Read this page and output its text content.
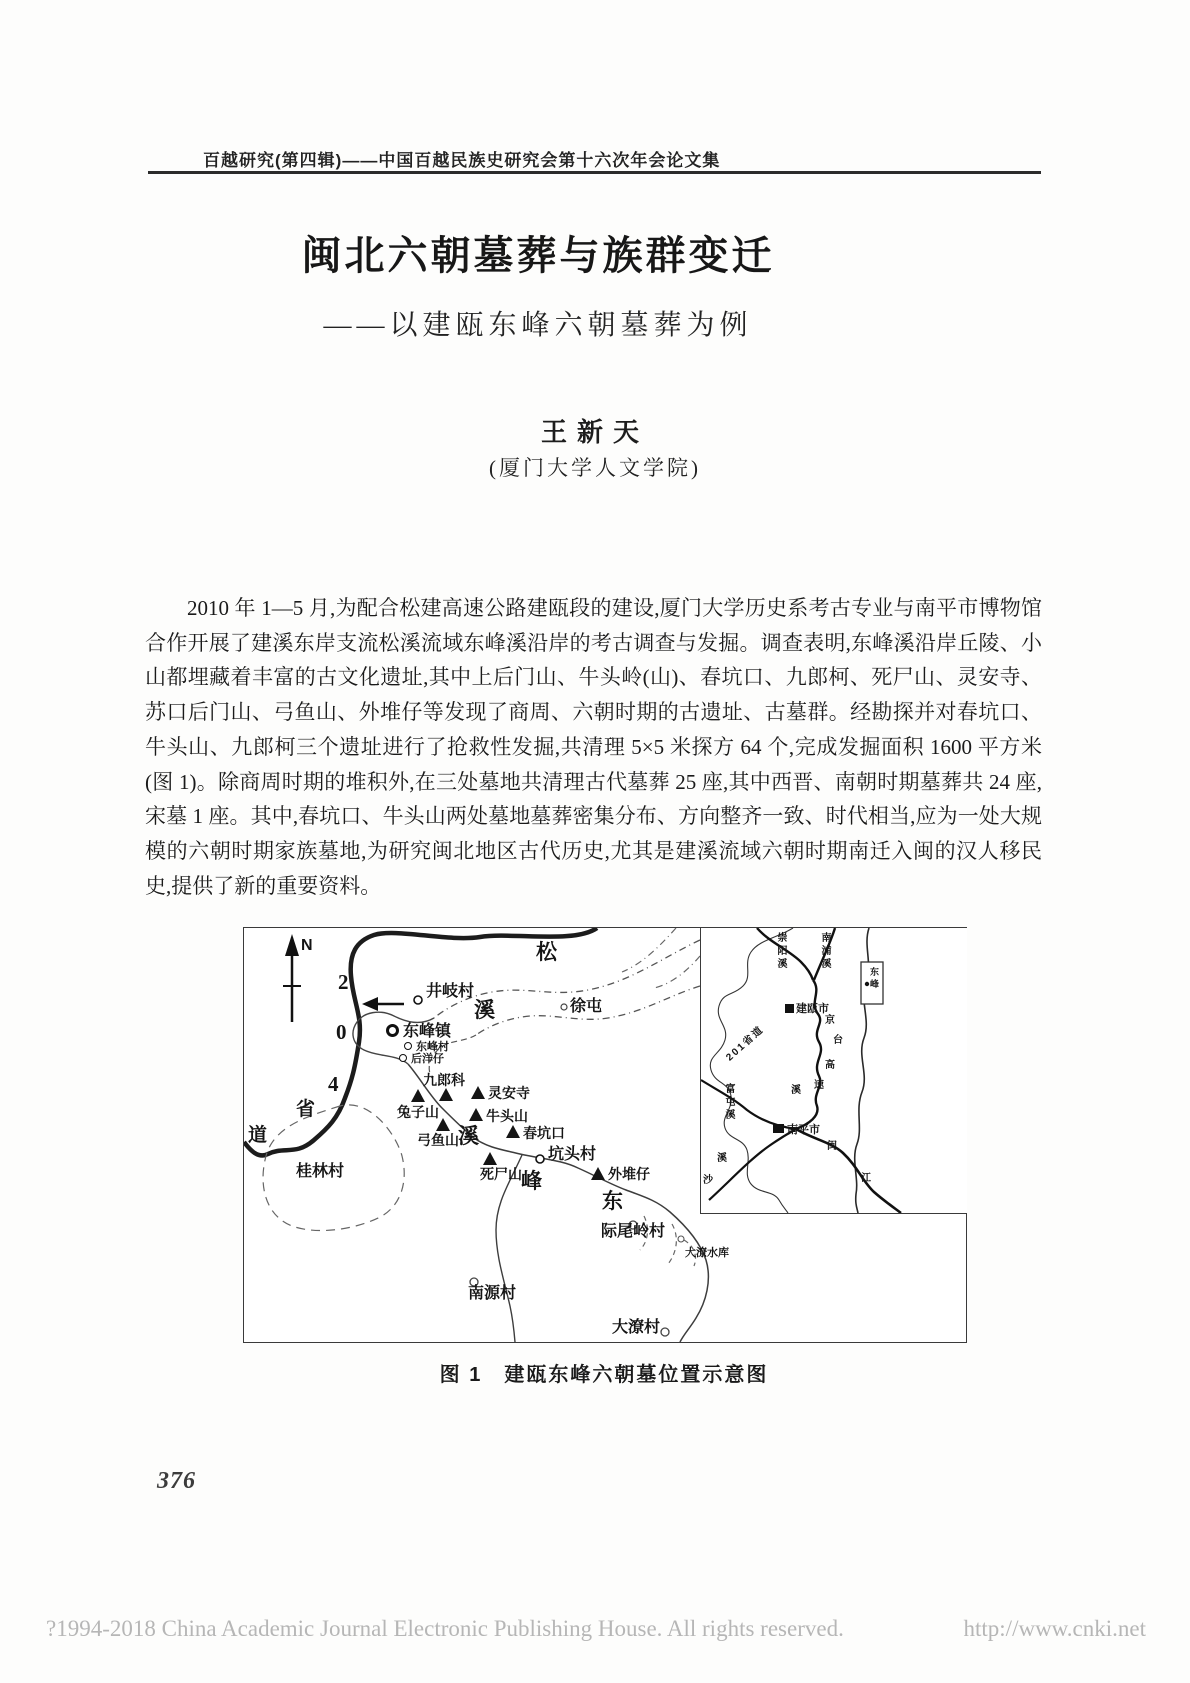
百越研究(第四辑)——中国百越民族史研究会第十六次年会论文集
闽北六朝墓葬与族群变迁
——以建瓯东峰六朝墓葬为例
王新天
(厦门大学人文学院)

2010 年 1—5 月,为配合松建高速公路建瓯段的建设,厦门大学历史系考古专业与南平市博物馆合作开展了建溪东岸支流松溪流域东峰溪沿岸的考古调查与发掘。调查表明,东峰溪沿岸丘陵、小山都埋藏着丰富的古文化遗址,其中上后门山、牛头岭(山)、春坑口、九郎柯、死尸山、灵安寺、苏口后门山、弓鱼山、外堆仔等发现了商周、六朝时期的古遗址、古墓群。经勘探并对春坑口、牛头山、九郎柯三个遗址进行了抢救性发掘,共清理 5×5 米探方 64 个,完成发掘面积 1600 平方米(图 1)。除商周时期的堆积外,在三处墓地共清理古代墓葬 25 座,其中西晋、南朝时期墓葬共 24 座,宋墓 1 座。其中,春坑口、牛头山两处墓地墓葬密集分布、方向整齐一致、时代相当,应为一处大规模的六朝时期家族墓地,为研究闽北地区古代历史,尤其是建溪流域六朝时期南迁入闽的汉人移民史,提供了新的重要资料。

N
2
0
4
省
道
井岐村
松
溪	徐屯
东峰镇
东峰村
后洋仔
九郎科
灵安寺
兔子山	牛头山
春坑口
弓鱼山 溪
死尸山
坑头村
峰	外堆仔
东
桂林村
际尾岭村
大潦水库
南源村
大潦村
崇阳溪	南浦溪
东峰
建瓯市
京
台
高
速
溪
201省道
富屯溪
南平市
闽
江
溪
沙
图 1　建瓯东峰六朝墓位置示意图
376
?1994-2018 China Academic Journal Electronic Publishing House. All rights reserved.	http://www.cnki.net
